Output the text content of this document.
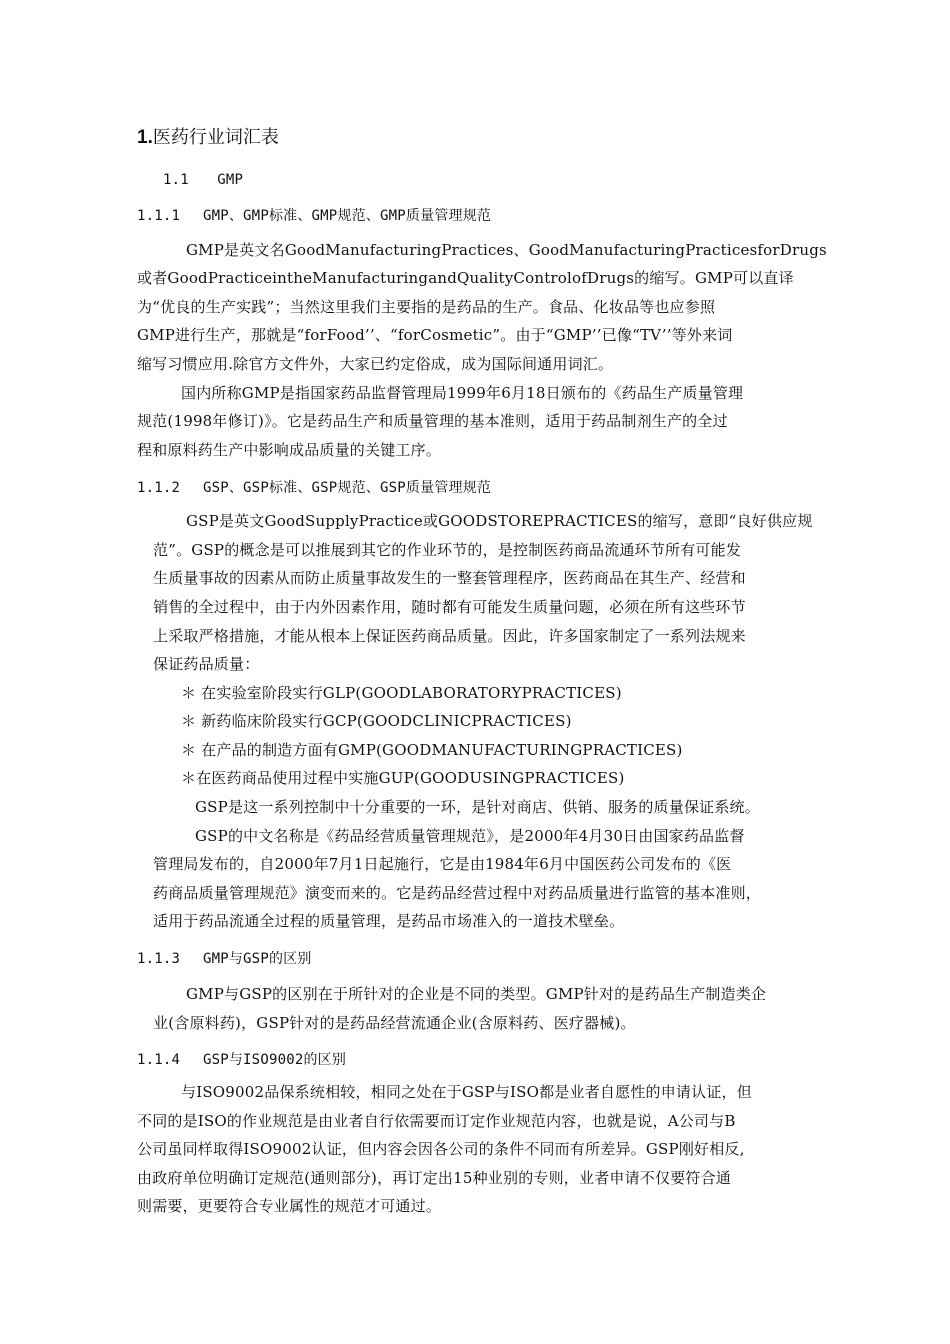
1.医药行业词汇表
1.1　　GMP
1.1.1　 GMP、GMP标准、GMP规范、GMP质量管理规范
GMP是英文名GoodManufacturingPractices、GoodManufacturingPracticesforDrugs
或者GoodPracticeintheManufacturingandQualityControlofDrugs的缩写。GMP可以直译
为“优良的生产实践”；当然这里我们主要指的是药品的生产。食品、化妆品等也应参照
GMP进行生产，那就是“forFood’’、“forCosmetic”。由于“GMP’’已像“TV’’等外来词
缩写习惯应用.除官方文件外，大家已约定俗成，成为国际间通用词汇。
国内所称GMP是指国家药品监督管理局1999年6月18日颁布的《药品生产质量管理
规范(1998年修订)》。它是药品生产和质量管理的基本准则，适用于药品制剂生产的全过
程和原料药生产中影响成品质量的关键工序。
1.1.2　 GSP、GSP标准、GSP规范、GSP质量管理规范
GSP是英文GoodSupplyPractice或GOODSTOREPRACTICES的缩写，意即“良好供应规
范”。GSP的概念是可以推展到其它的作业环节的，是控制医药商品流通环节所有可能发
生质量事故的因素从而防止质量事故发生的一整套管理程序，医药商品在其生产、经营和
销售的全过程中，由于内外因素作用，随时都有可能发生质量问题，必须在所有这些环节
上采取严格措施，才能从根本上保证医药商品质量。因此，许多国家制定了一系列法规来
保证药品质量：
＊ 在实验室阶段实行GLP(GOODLABORATORYPRACTICES)
＊ 新药临床阶段实行GCP(GOODCLINICPRACTICES)
＊ 在产品的制造方面有GMP(GOODMANUFACTURINGPRACTICES)
＊在医药商品使用过程中实施GUP(GOODUSINGPRACTICES)
GSP是这一系列控制中十分重要的一环，是针对商店、供销、服务的质量保证系统。
GSP的中文名称是《药品经营质量管理规范》，是2000年4月30日由国家药品监督
管理局发布的，自2000年7月1日起施行，它是由1984年6月中国医药公司发布的《医
药商品质量管理规范》演变而来的。它是药品经营过程中对药品质量进行监管的基本准则，
适用于药品流通全过程的质量管理，是药品市场准入的一道技术壁垒。
1.1.3　 GMP与GSP的区别
GMP与GSP的区别在于所针对的企业是不同的类型。GMP针对的是药品生产制造类企
业(含原料药)，GSP针对的是药品经营流通企业(含原料药、医疗器械)。
1.1.4　 GSP与ISO9002的区别
与ISO9002品保系统相较，相同之处在于GSP与ISO都是业者自愿性的申请认证，但
不同的是ISO的作业规范是由业者自行依需要而订定作业规范内容，也就是说，A公司与B
公司虽同样取得ISO9002认证，但内容会因各公司的条件不同而有所差异。GSP刚好相反,
由政府单位明确订定规范(通则部分)，再订定出15种业别的专则，业者申请不仅要符合通
则需要，更要符合专业属性的规范才可通过。
